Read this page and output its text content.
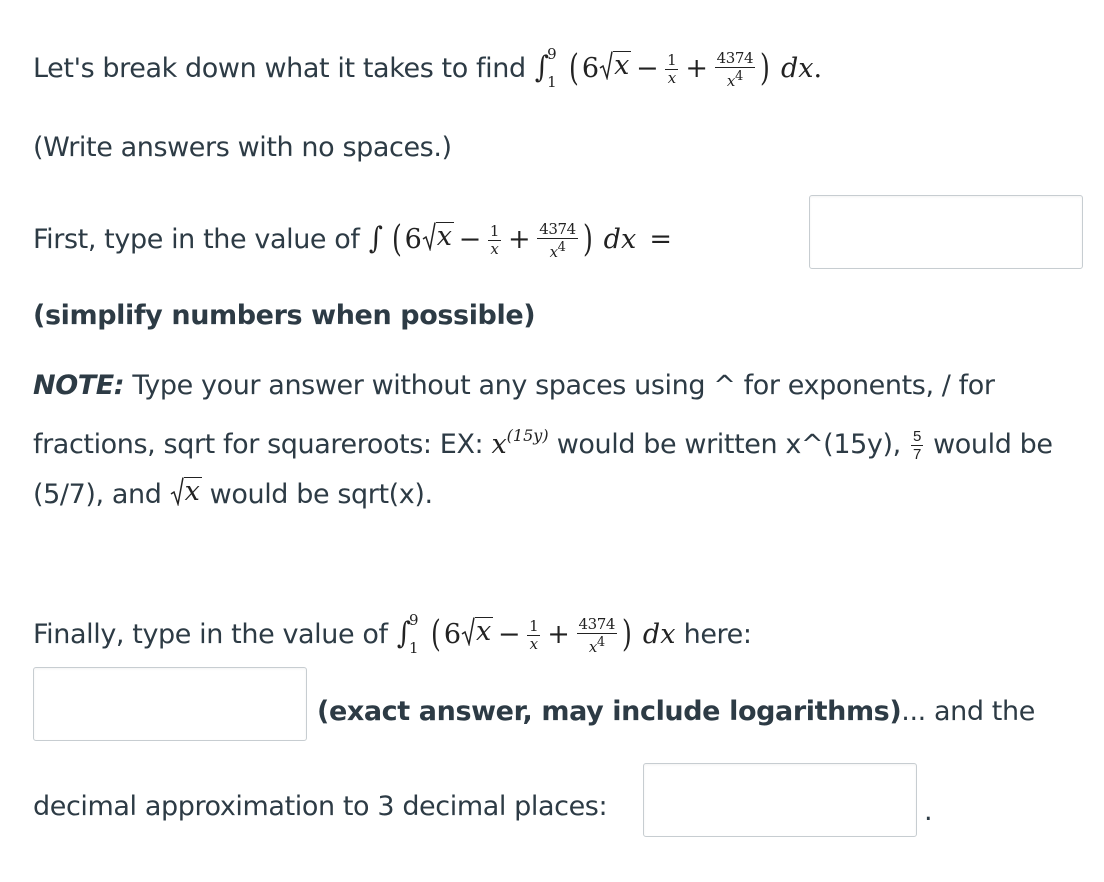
Let's break down what it takes to find ∫
9
1 ( 6 $x - \frac{1}{x} + \frac{4374}{x4}$ ) dx.
(Write answers with no spaces.)
First, type in the value of ∫ ( 6 $x - \frac{1}{x} + \frac{4374}{x4}$ ) dx =
(simplify numbers when possible)
NOTE: Type your answer without any spaces using ^ for exponents, / for fractions, sqrt for squareroots: EX: $x^{(15y)}$ would be written x^(15y), $\frac{5}{7}$ would be (5/7), and x would be sqrt(x).
Finally, type in the value of ∫
9
1 ( 6 $x - \frac{1}{x} + \frac{4374}{x4}$ ) dx here:
(exact answer, may include logarithms)... and the
decimal approximation to 3 decimal places:	.
